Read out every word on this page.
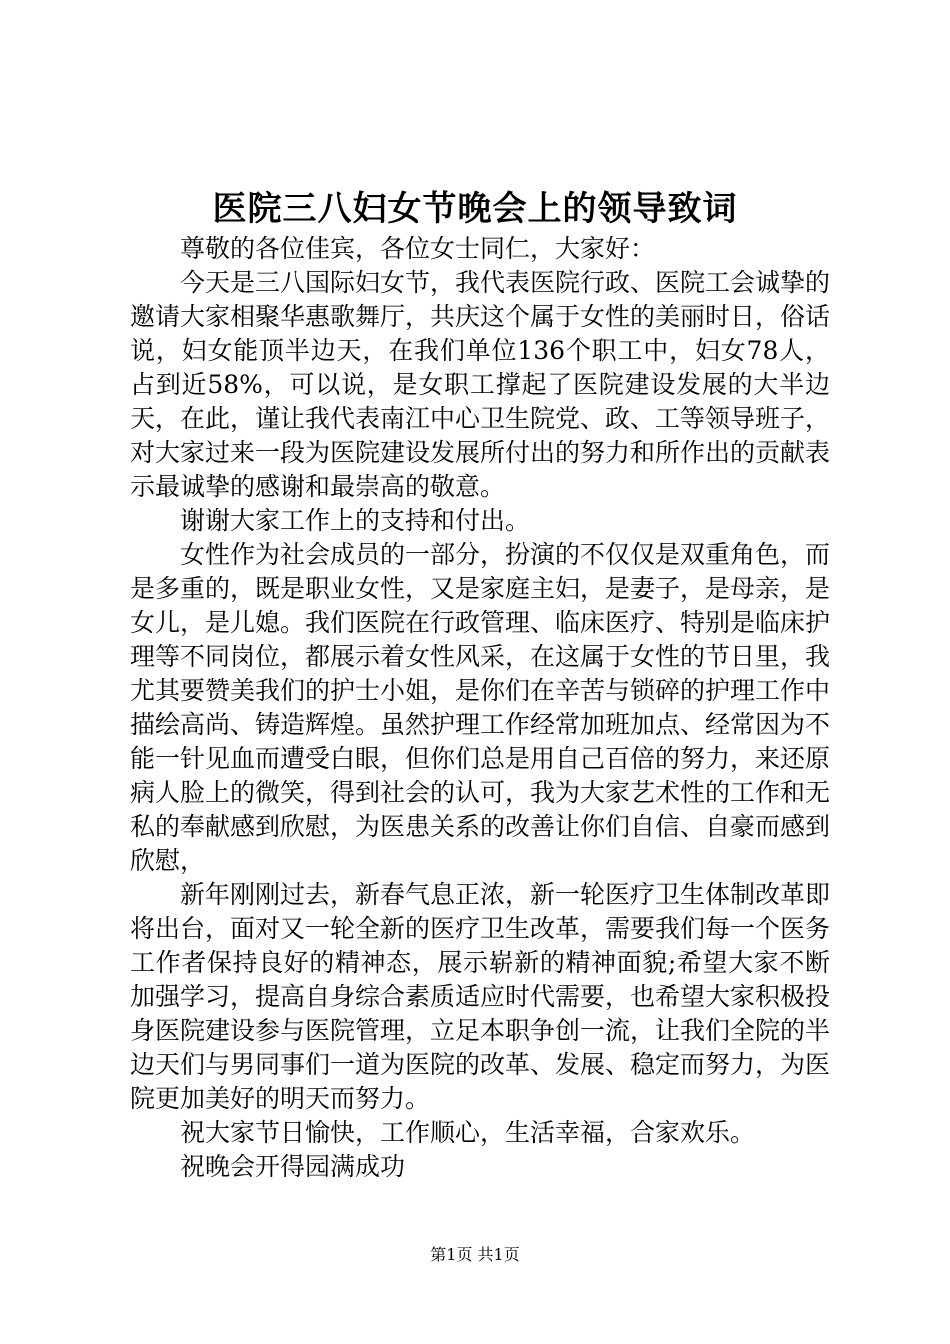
医院三八妇女节晚会上的领导致词

尊敬的各位佳宾，各位女士同仁，大家好：

今天是三八国际妇女节，我代表医院行政、医院工会诚挚的邀请大家相聚华惠歌舞厅，共庆这个属于女性的美丽时日，俗话说，妇女能顶半边天，在我们单位136个职工中，妇女78人，占到近58%，可以说，是女职工撑起了医院建设发展的大半边天，在此，谨让我代表南江中心卫生院党、政、工等领导班子，对大家过来一段为医院建设发展所付出的努力和所作出的贡献表示最诚挚的感谢和最崇高的敬意。

谢谢大家工作上的支持和付出。

女性作为社会成员的一部分，扮演的不仅仅是双重角色，而是多重的，既是职业女性，又是家庭主妇，是妻子，是母亲，是女儿，是儿媳。我们医院在行政管理、临床医疗、特别是临床护理等不同岗位，都展示着女性风采，在这属于女性的节日里，我尤其要赞美我们的护士小姐，是你们在辛苦与锁碎的护理工作中描绘高尚、铸造辉煌。虽然护理工作经常加班加点、经常因为不能一针见血而遭受白眼，但你们总是用自己百倍的努力，来还原病人脸上的微笑，得到社会的认可，我为大家艺术性的工作和无私的奉献感到欣慰，为医患关系的改善让你们自信、自豪而感到欣慰，

新年刚刚过去，新春气息正浓，新一轮医疗卫生体制改革即将出台，面对又一轮全新的医疗卫生改革，需要我们每一个医务工作者保持良好的精神态，展示崭新的精神面貌;希望大家不断加强学习，提高自身综合素质适应时代需要，也希望大家积极投身医院建设参与医院管理，立足本职争创一流，让我们全院的半边天们与男同事们一道为医院的改革、发展、稳定而努力，为医院更加美好的明天而努力。

祝大家节日愉快，工作顺心，生活幸福，合家欢乐。

祝晚会开得园满成功

第1页 共1页
